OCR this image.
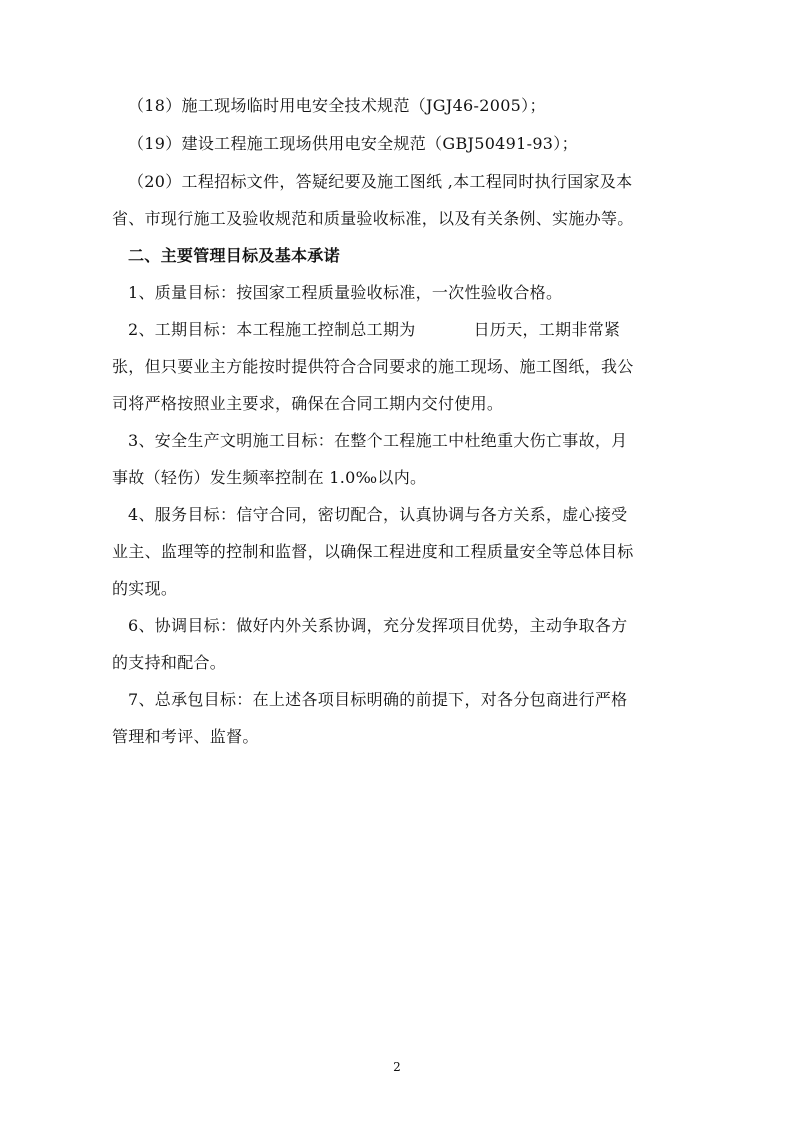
（18）施工现场临时用电安全技术规范（JGJ46-2005）；
（19）建设工程施工现场供用电安全规范（GBJ50491-93）；
（20）工程招标文件，答疑纪要及施工图纸 ,本工程同时执行国家及本
省、市现行施工及验收规范和质量验收标准，以及有关条例、实施办等。
二、主要管理目标及基本承诺
1、质量目标：按国家工程质量验收标准，一次性验收合格。
2、工期目标：本工程施工控制总工期为	日历天，工期非常紧
张，但只要业主方能按时提供符合合同要求的施工现场、施工图纸，我公
司将严格按照业主要求，确保在合同工期内交付使用。
3、安全生产文明施工目标：在整个工程施工中杜绝重大伤亡事故，月
事故（轻伤）发生频率控制在 1.0‰以内。
4、服务目标：信守合同，密切配合，认真协调与各方关系，虚心接受
业主、监理等的控制和监督，以确保工程进度和工程质量安全等总体目标
的实现。
6、协调目标：做好内外关系协调，充分发挥项目优势，主动争取各方
的支持和配合。
7、总承包目标：在上述各项目标明确的前提下，对各分包商进行严格
管理和考评、监督。
2
